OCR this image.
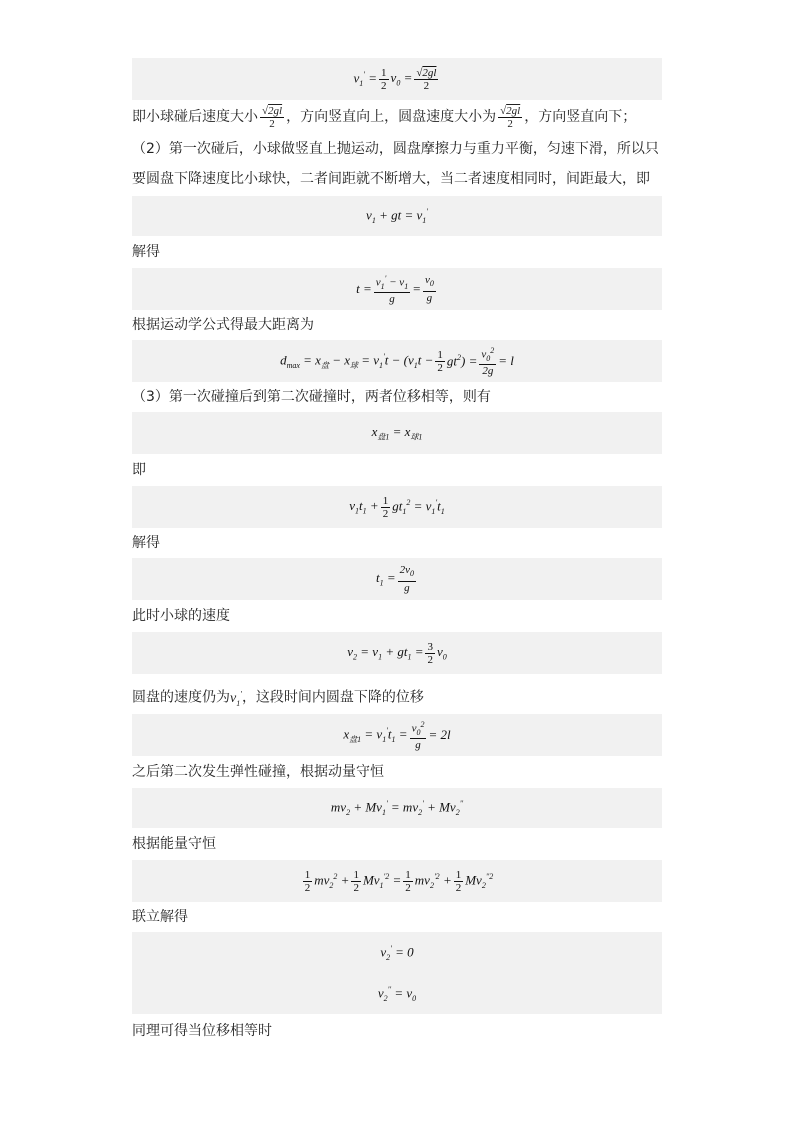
$v_1' = \frac{1}{2} v_0 = \frac{√2gl}{2}$
即小球碰后速度大小 $\frac{√2gl}{2}$ ，方向竖直向上，圆盘速度大小为 $\frac{√2gl}{2}$ ，方向竖直向下；
（2）第一次碰后，小球做竖直上抛运动，圆盘摩擦力与重力平衡，匀速下滑，所以只要圆盘下降速度比小球快，二者间距就不断增大，当二者速度相同时，间距最大，即
$v_1$ + gt = $v_1'$
解得
$t = \frac{v_1' - v_1}{g} = \frac{v_0}{g}$
根据运动学公式得最大距离为
$d_{max} = x_盘 - x_球 = v_1't - (v_1t - \frac{1}{2} gt^2) = \frac{v_0^2}{2g} = l$
（3）第一次碰撞后到第二次碰撞时，两者位移相等，则有
$x_{盘1} = x_{球1}$
即
$v_1t_1 + \frac{1}{2} gt_1^2 = v_1't_1$
解得
$t_1 = \frac{2v_0}{g}$
此时小球的速度
$v_2 = v_1 + gt_1 = \frac{3}{2} v_0$
圆盘的速度仍为$v_1'$，这段时间内圆盘下降的位移
$x_{盘1} = v_1't_1 = \frac{v_0^2}{g} = 2l$
之后第二次发生弹性碰撞，根据动量守恒
$mv_2 + Mv_1' = mv_2' + Mv_2''$
根据能量守恒
$\frac{1}{2} mv_2^2 + \frac{1}{2} Mv_1^{'2} = \frac{1}{2} mv_2^{'2} + \frac{1}{2} Mv_2^{''2}$
联立解得
$v_2' = 0$
$v_2'' = v_0$
同理可得当位移相等时
